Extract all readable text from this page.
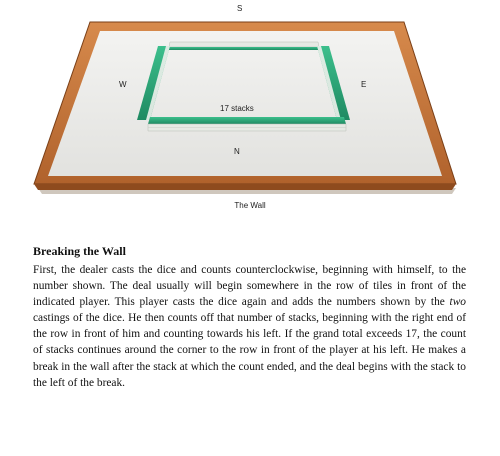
S
W	E
N
17 stacks
The Wall
Breaking the Wall

First, the dealer casts the dice and counts counterclockwise, beginning with himself, to the number shown. The deal usually will begin somewhere in the row of tiles in front of the indicated player. This player casts the dice again and adds the numbers shown by the two castings of the dice. He then counts off that number of stacks, beginning with the right end of the row in front of him and counting towards his left. If the grand total exceeds 17, the count of stacks continues around the corner to the row in front of the player at his left. He makes a break in the wall after the stack at which the count ended, and the deal begins with the stack to the left of the break.
